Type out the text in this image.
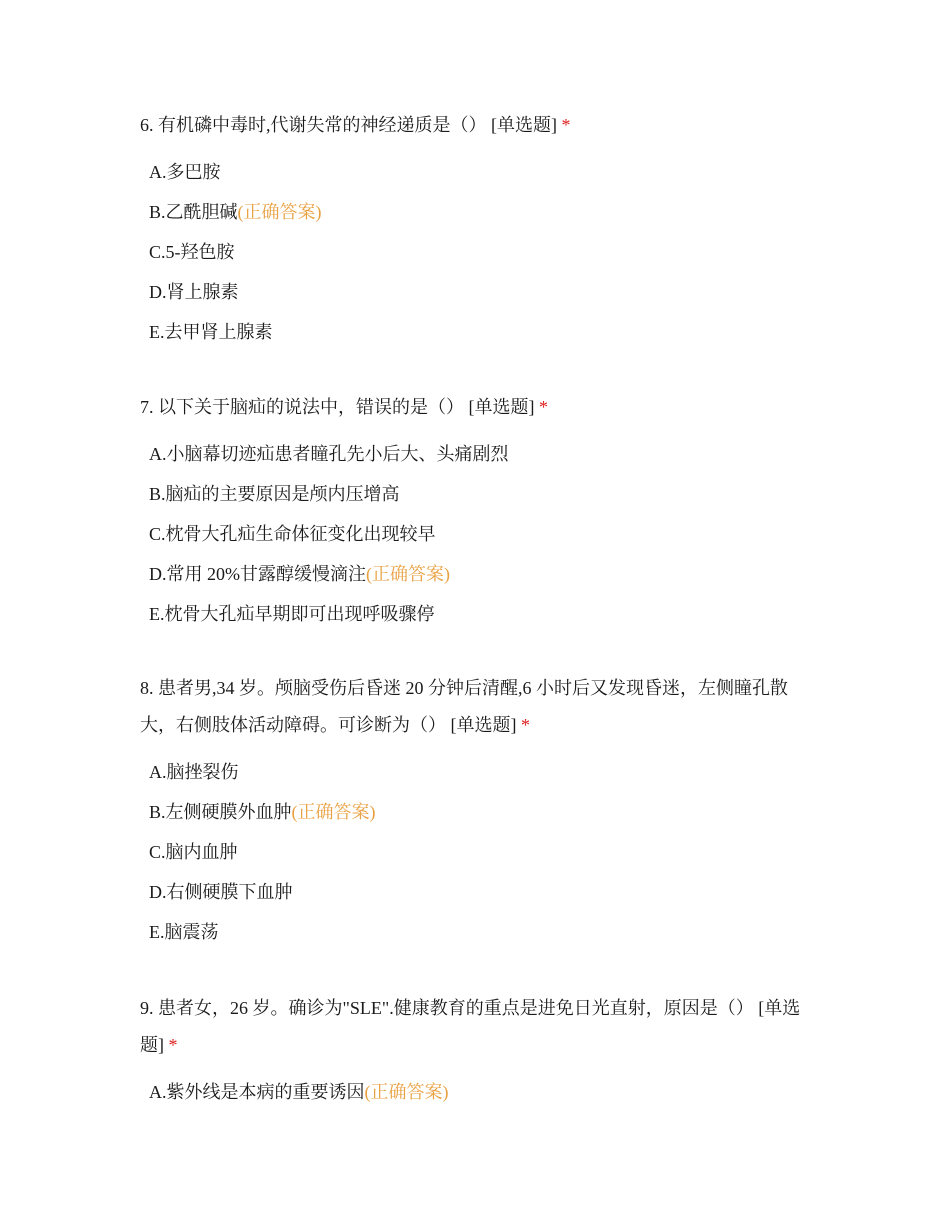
6. 有机磷中毒时,代谢失常的神经递质是（） [单选题] *

A.多巴胺
B.乙酰胆碱(正确答案)
C.5-羟色胺
D.肾上腺素
E.去甲肾上腺素

7. 以下关于脑疝的说法中，错误的是（） [单选题] *

A.小脑幕切迹疝患者瞳孔先小后大、头痛剧烈
B.脑疝的主要原因是颅内压增高
C.枕骨大孔疝生命体征变化出现较早
D.常用 20%甘露醇缓慢滴注(正确答案)
E.枕骨大孔疝早期即可出现呼吸骤停

8. 患者男,34 岁。颅脑受伤后昏迷 20 分钟后清醒,6 小时后又发现昏迷，左侧瞳孔散大，右侧肢体活动障碍。可诊断为（） [单选题] *

A.脑挫裂伤
B.左侧硬膜外血肿(正确答案)
C.脑内血肿
D.右侧硬膜下血肿
E.脑震荡

9. 患者女，26 岁。确诊为"SLE".健康教育的重点是进免日光直射，原因是（） [单选题] *

A.紫外线是本病的重要诱因(正确答案)
